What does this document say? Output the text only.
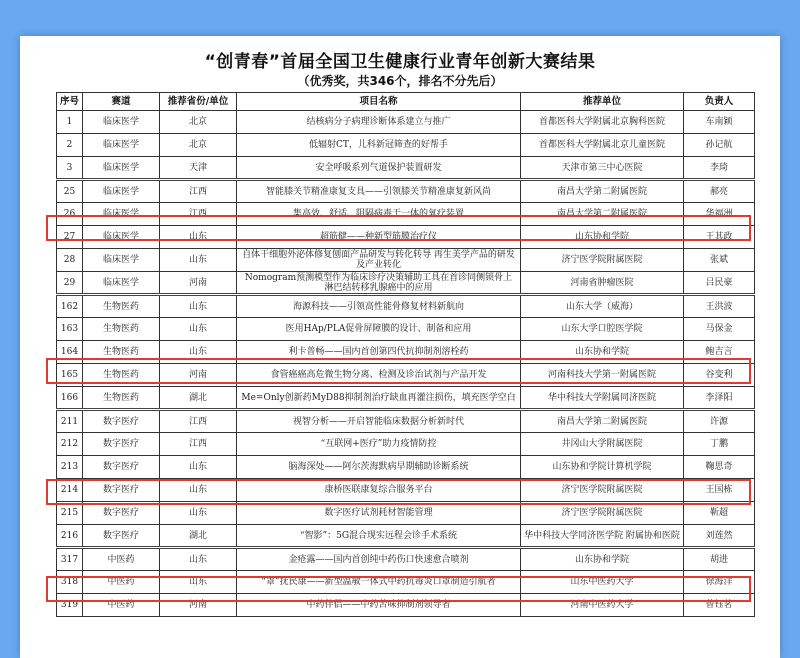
“创青春”首届全国卫生健康行业青年创新大赛结果
（优秀奖，共346个，排名不分先后）
序号	赛道	推荐省份/单位	项目名称	推荐单位	负责人
1	临床医学	北京	结核病分子病理诊断体系建立与推广	首都医科大学附属北京胸科医院	车南颖
2	临床医学	北京	低辐射CT，儿科新冠筛查的好帮手	首都医科大学附属北京儿童医院	孙记航
3	临床医学	天津	安全呼吸系列气道保护装置研发	天津市第三中心医院	李琦
25	临床医学	江西	智能膝关节精准康复支具——引领膝关节精准康复新风尚	南昌大学第二附属医院	郝亮
26	临床医学	江西	集高效、舒适、阻隔病毒于一体的氧疗装置	南昌大学第二附属医院	华福洲
27	临床医学	山东	超筋健——种新型筋膜治疗仪	山东协和学院	王其政
28	临床医学	山东	自体干细胞外泌体修复刨面产品研发与转化转导 再生美学产品的研发及产业转化	济宁医学院附属医院	张斌
29	临床医学	河南	Nomogram预测模型作为临床诊疗决策辅助工具在首诊同侧锁骨上 淋巴结转移乳腺癌中的应用	河南省肿瘤医院	吕民豪
162	生物医药	山东	海源科技——引领高性能骨修复材料新航向	山东大学（威海）	王洪波
163	生物医药	山东	医用HAp/PLA促骨屏障膜的设计、制备和应用	山东大学口腔医学院	马保金
164	生物医药	山东	利卡普畅——国内首创第四代抗抑制剂溶栓药	山东协和学院	鲍吉言
165	生物医药	河南	食管癌癌高危微生物分离、检测及诊治试剂与产品开发	河南科技大学第一附属医院	谷变利
166	生物医药	湖北	Me=Only创新药MyD88抑制剂治疗缺血再灌注损伤，填充医学空白	华中科技大学附属同济医院	李泽阳
211	数字医疗	江西	视智分析——开启智能临床数据分析新时代	南昌大学第二附属医院	许源
212	数字医疗	江西	“互联网+医疗”助力疫情防控	井冈山大学附属医院	丁鹏
213	数字医疗	山东	脑海深处——阿尔茨海默病早期辅助诊断系统	山东协和学院计算机学院	鞠思奇
214	数字医疗	山东	康桥医联康复综合服务平台	济宁医学院附属医院	王国栋
215	数字医疗	山东	数字医疗试剂耗材智能管理	济宁医学院附属医院	靳超
216	数字医疗	湖北	“智影”：5G混合现实远程会诊手术系统	华中科技大学同济医学院 附属协和医院	刘莲然
317	中医药	山东	金疮露——国内首创纯中药伤口快速愈合喷剂	山东协和学院	胡进
318	中医药	山东	“罩”抚民康——新型温敏一体式中药抗毒炎口罩制造引航者	山东中医药大学	徐海洋
319	中医药	河南	中药伴侣——中药苦味抑制剂领导者	河南中医药大学	曾钰茗
